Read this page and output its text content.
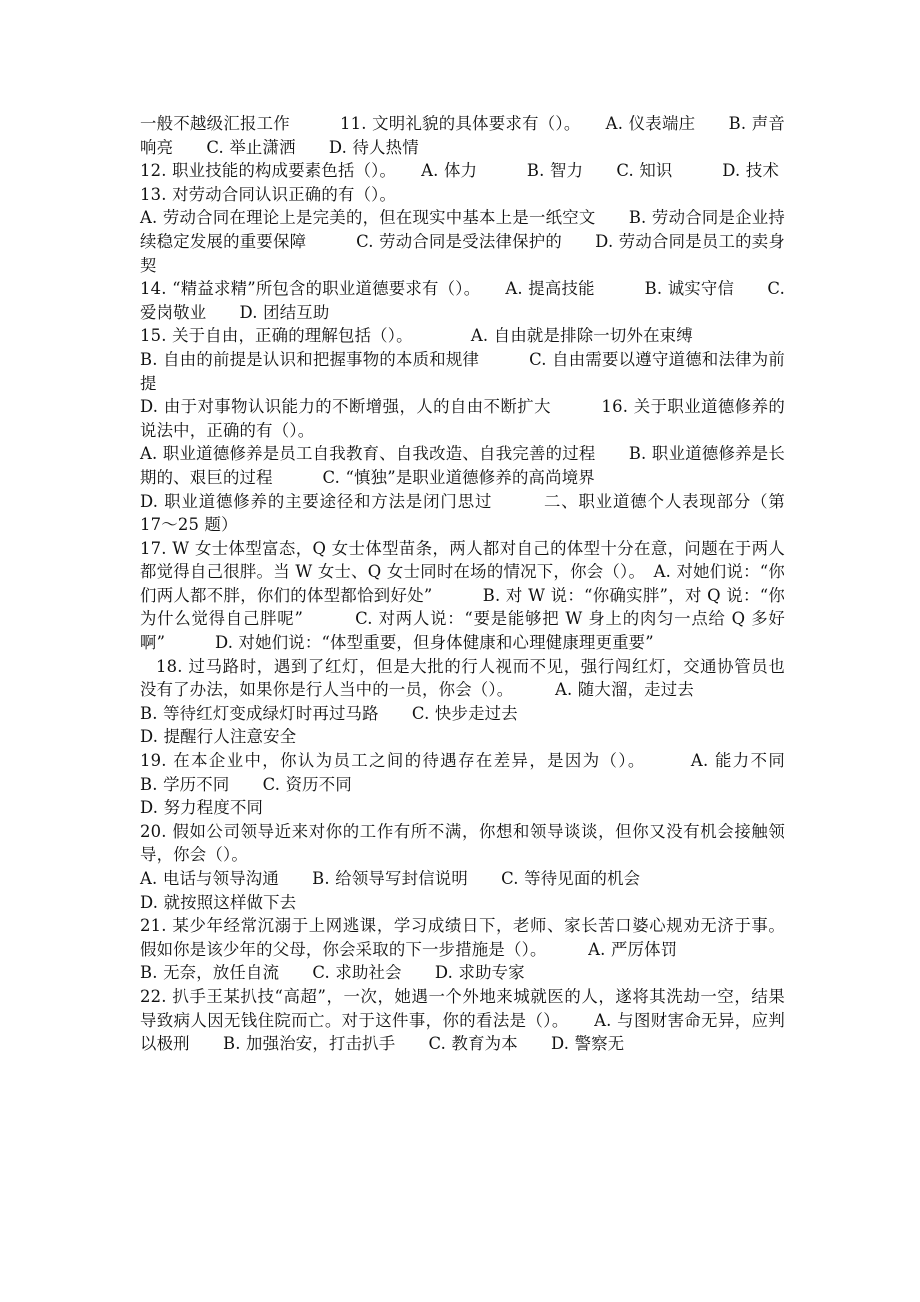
一般不越级汇报工作　　　11. 文明礼貌的具体要求有（）。　　A. 仪表端庄　　B. 声音响亮　　C. 举止潇洒　　D. 待人热情

12. 职业技能的构成要素色括（）。　　A. 体力　　　B. 智力　　C. 知识　　　D. 技术

13. 对劳动合同认识正确的有（）。

A. 劳动合同在理论上是完美的，但在现实中基本上是一纸空文　　B. 劳动合同是企业持续稳定发展的重要保障　　　C. 劳动合同是受法律保护的　　D. 劳动合同是员工的卖身契

14. “精益求精”所包含的职业道德要求有（）。　　A. 提高技能　　　B. 诚实守信　　C. 爱岗敬业　　D. 团结互助

15. 关于自由，正确的理解包括（）。　　　　A. 自由就是排除一切外在束缚

B. 自由的前提是认识和把握事物的本质和规律　　　C. 自由需要以遵守道德和法律为前提

D. 由于对事物认识能力的不断增强，人的自由不断扩大　　　16. 关于职业道德修养的说法中，正确的有（）。

A. 职业道德修养是员工自我教育、自我改造、自我完善的过程　　B. 职业道德修养是长期的、艰巨的过程　　　C. “慎独”是职业道德修养的高尚境界

D. 职业道德修养的主要途径和方法是闭门思过　　　二、职业道德个人表现部分（第 17～25 题）

17. W 女士体型富态，Q 女士体型苗条，两人都对自己的体型十分在意，问题在于两人都觉得自己很胖。当 W 女士、Q 女士同时在场的情况下，你会（）。　A. 对她们说：“你们两人都不胖，你们的体型都恰到好处”　　　B. 对 W 说：“你确实胖”，对 Q 说：“你为什么觉得自己胖呢”　　　C. 对两人说：“要是能够把 W 身上的肉匀一点给 Q 多好啊”　　　D. 对她们说：“体型重要，但身体健康和心理健康理更重要”

18. 过马路时，遇到了红灯，但是大批的行人视而不见，强行闯红灯，交通协管员也没有了办法，如果你是行人当中的一员，你会（）。　　　A. 随大溜，走过去

B. 等待红灯变成绿灯时再过马路　　C. 快步走过去

D. 提醒行人注意安全

19. 在本企业中，你认为员工之间的待遇存在差异，是因为（）。　　　A. 能力不同　　B. 学历不同　　C. 资历不同

D. 努力程度不同

20. 假如公司领导近来对你的工作有所不满，你想和领导谈谈，但你又没有机会接触领导，你会（）。

A. 电话与领导沟通　　B. 给领导写封信说明　　C. 等待见面的机会

D. 就按照这样做下去

21. 某少年经常沉溺于上网逃课，学习成绩日下，老师、家长苦口婆心规劝无济于事。假如你是该少年的父母，你会采取的下一步措施是（）。　　　A. 严厉体罚

B. 无奈，放任自流　　C. 求助社会　　D. 求助专家

22. 扒手王某扒技“高超”，一次，她遇一个外地来城就医的人，遂将其洗劫一空，结果导致病人因无钱住院而亡。对于这件事，你的看法是（）。　　A. 与图财害命无异，应判以极刑　　B. 加强治安，打击扒手　　C. 教育为本　　D. 警察无
